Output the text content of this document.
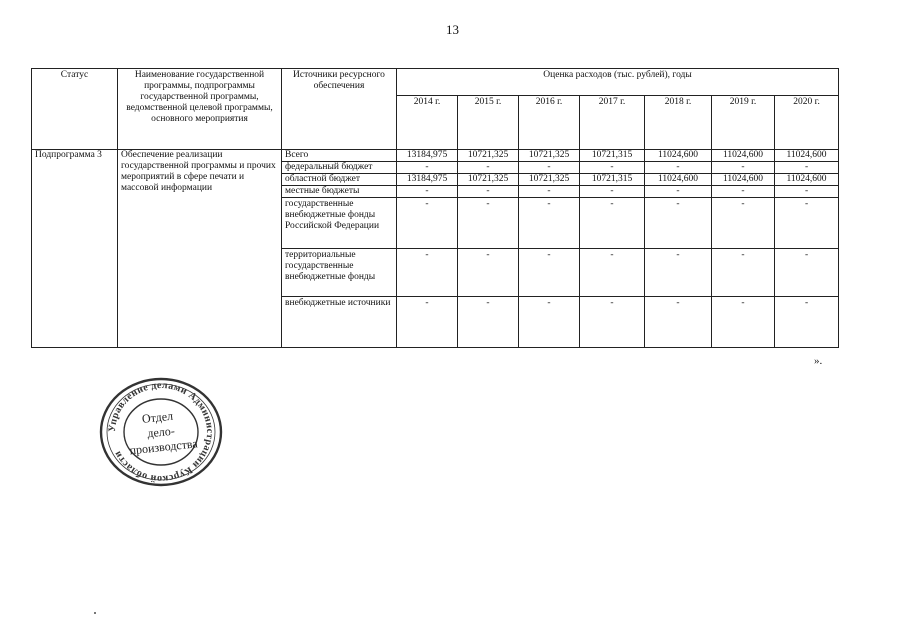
13
Статус	Наименование государственной программы, подпрограммы государственной программы, ведомственной целевой программы, основного мероприятия	Источники ресурсного обеспечения	Оценка расходов (тыс. рублей), годы						
			2014 г.	2015 г.	2016 г.	2017 г.	2018 г.	2019 г.	2020 г.
Подпрограмма 3	Обеспечение реализации государственной программы и прочих мероприятий в сфере печати и массовой информации	Всего	13184,975	10721,325	10721,325	10721,315	11024,600	11024,600	11024,600
		федеральный бюджет	-	-	-	-	-	-	-
		областной бюджет	13184,975	10721,325	10721,325	10721,315	11024,600	11024,600	11024,600
		местные бюджеты	-	-	-	-	-	-	-
		государственные внебюджетные фонды Российской Федерации	-	-	-	-	-	-	-
		территориальные государственные внебюджетные фонды	-	-	-	-	-	-	-
		внебюджетные источники	-	-	-	-	-	-	-
».
Управление делами Администрации Курской области
Отдел
дело-
производства
